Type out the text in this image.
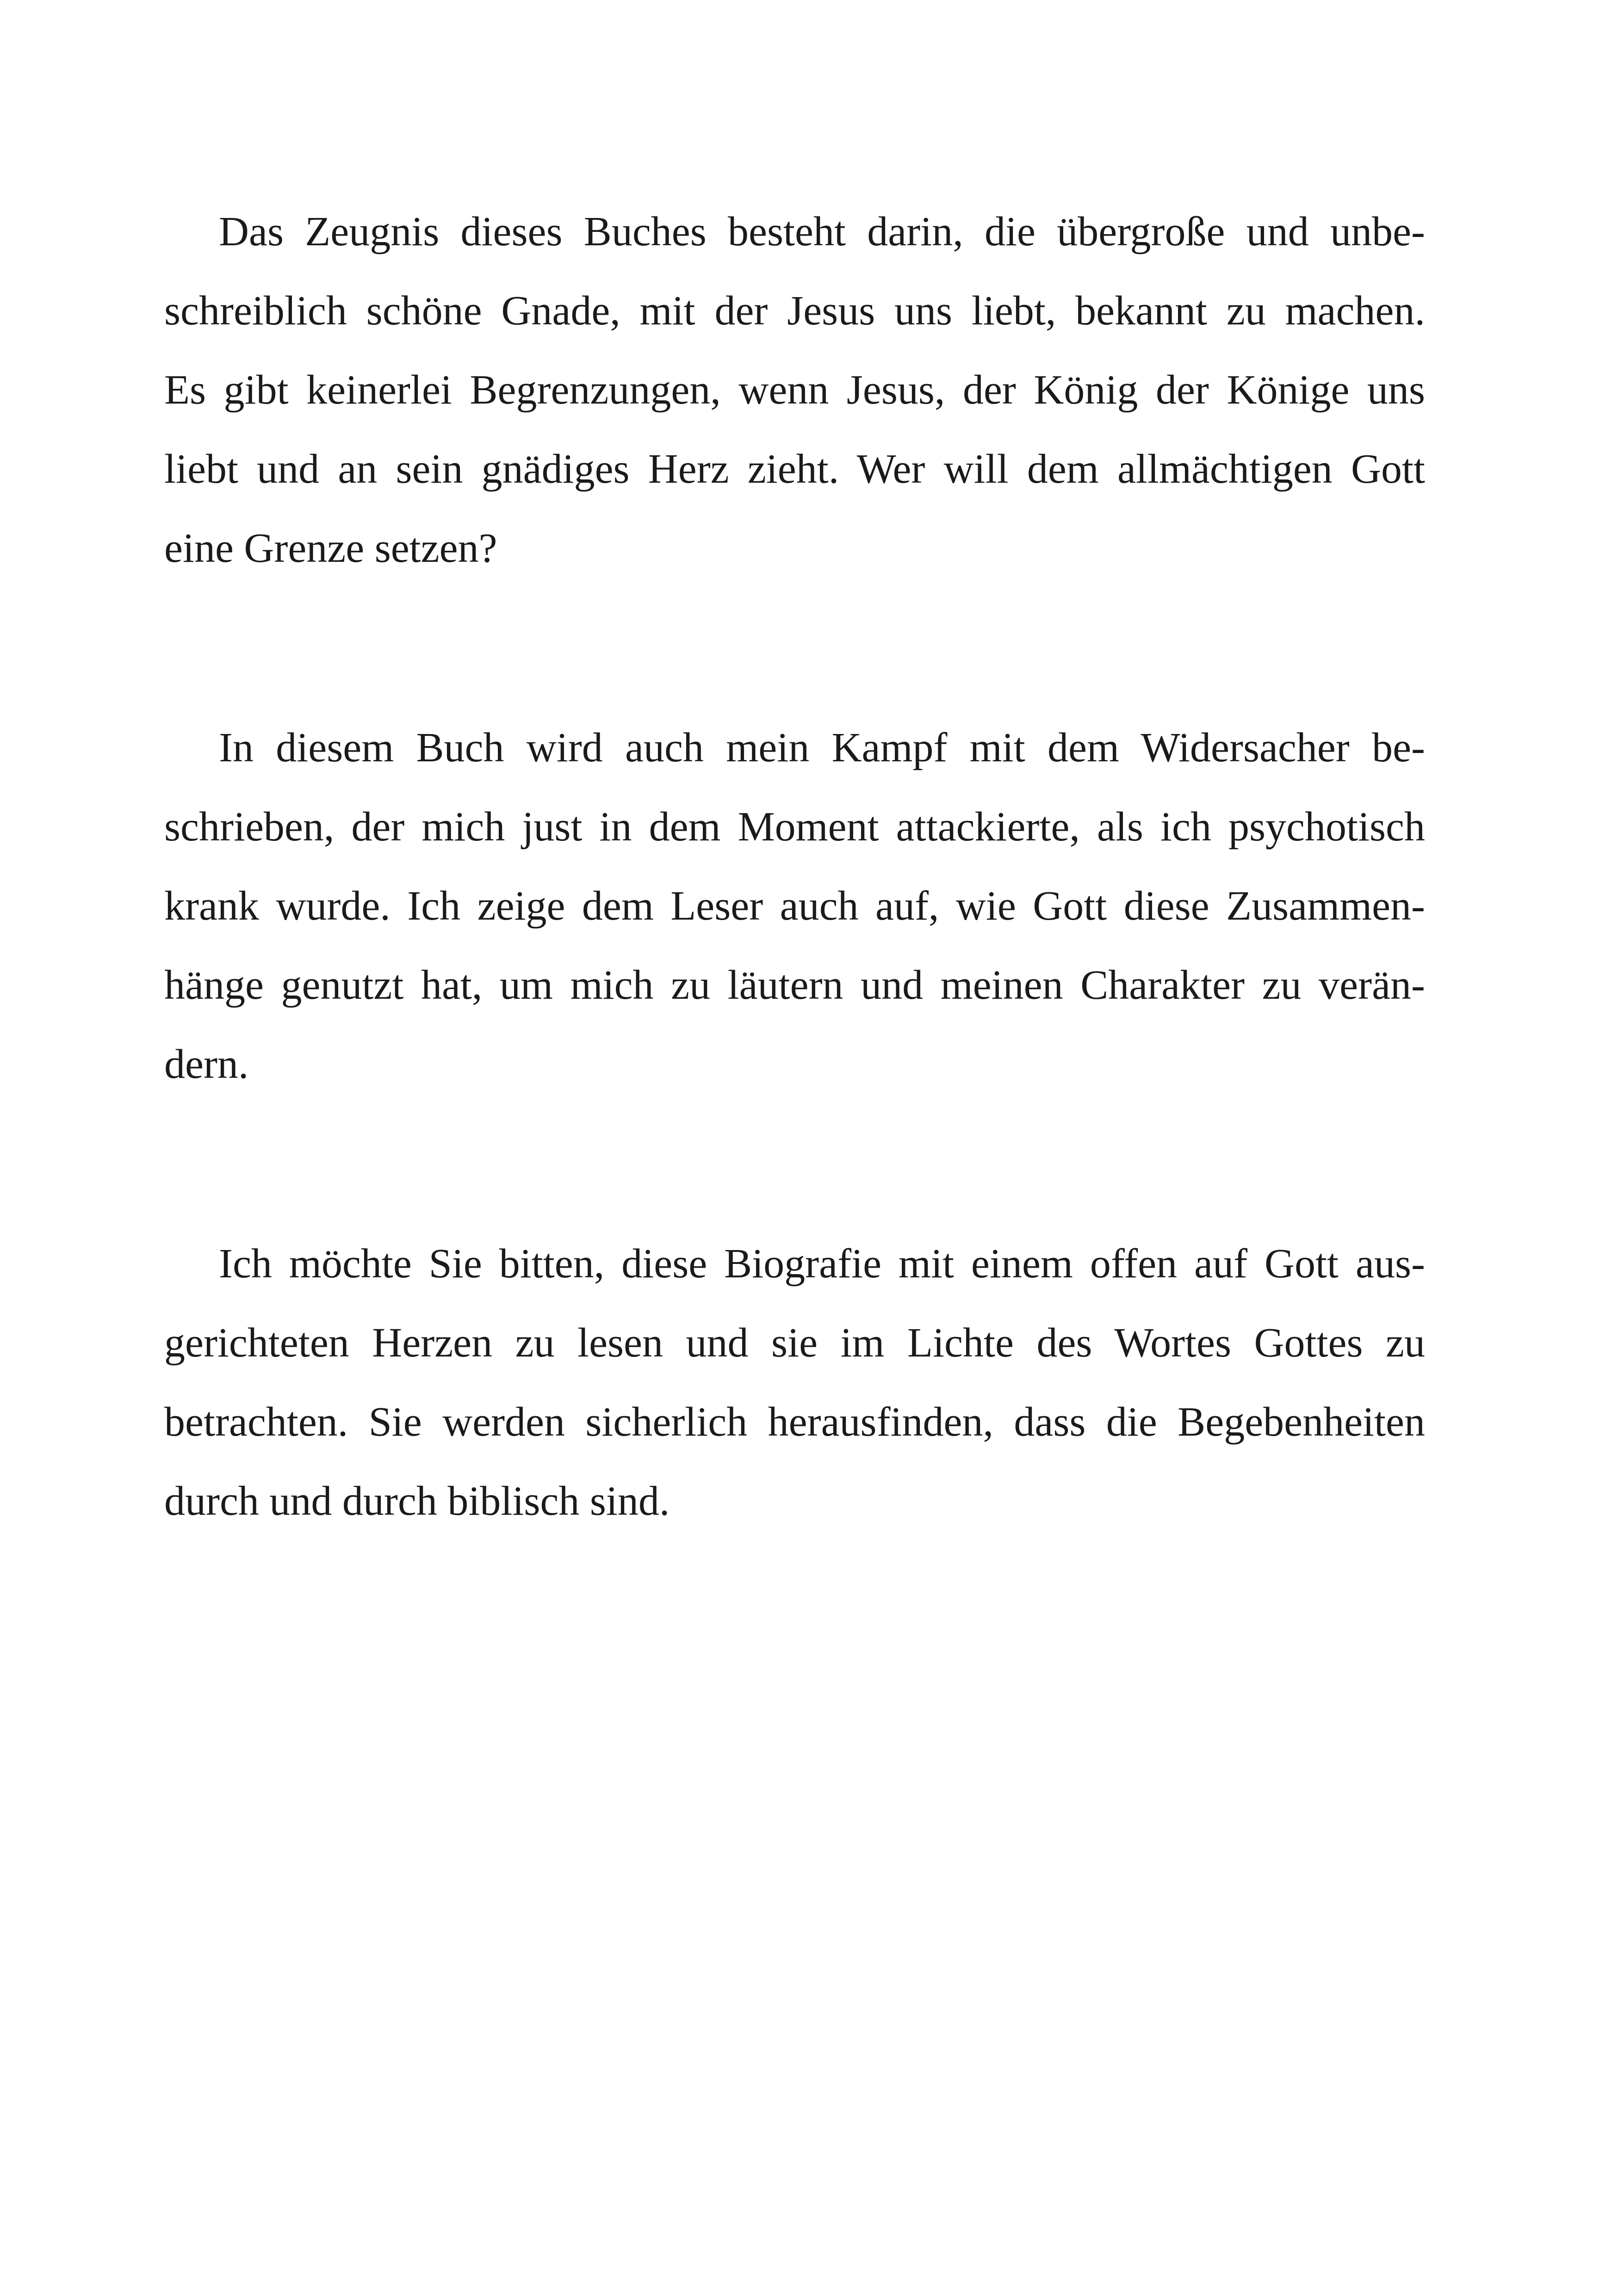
Das Zeugnis dieses Buches besteht darin, die übergroße und unbe-
schreiblich schöne Gnade, mit der Jesus uns liebt, bekannt zu machen.
Es gibt keinerlei Begrenzungen, wenn Jesus, der König der Könige uns
liebt und an sein gnädiges Herz zieht. Wer will dem allmächtigen Gott
eine Grenze setzen?
In diesem Buch wird auch mein Kampf mit dem Widersacher be-
schrieben, der mich just in dem Moment attackierte, als ich psychotisch
krank wurde. Ich zeige dem Leser auch auf, wie Gott diese Zusammen-
hänge genutzt hat, um mich zu läutern und meinen Charakter zu verän-
dern.
Ich möchte Sie bitten, diese Biografie mit einem offen auf Gott aus-
gerichteten Herzen zu lesen und sie im Lichte des Wortes Gottes zu
betrachten. Sie werden sicherlich herausfinden, dass die Begebenheiten
durch und durch biblisch sind.
